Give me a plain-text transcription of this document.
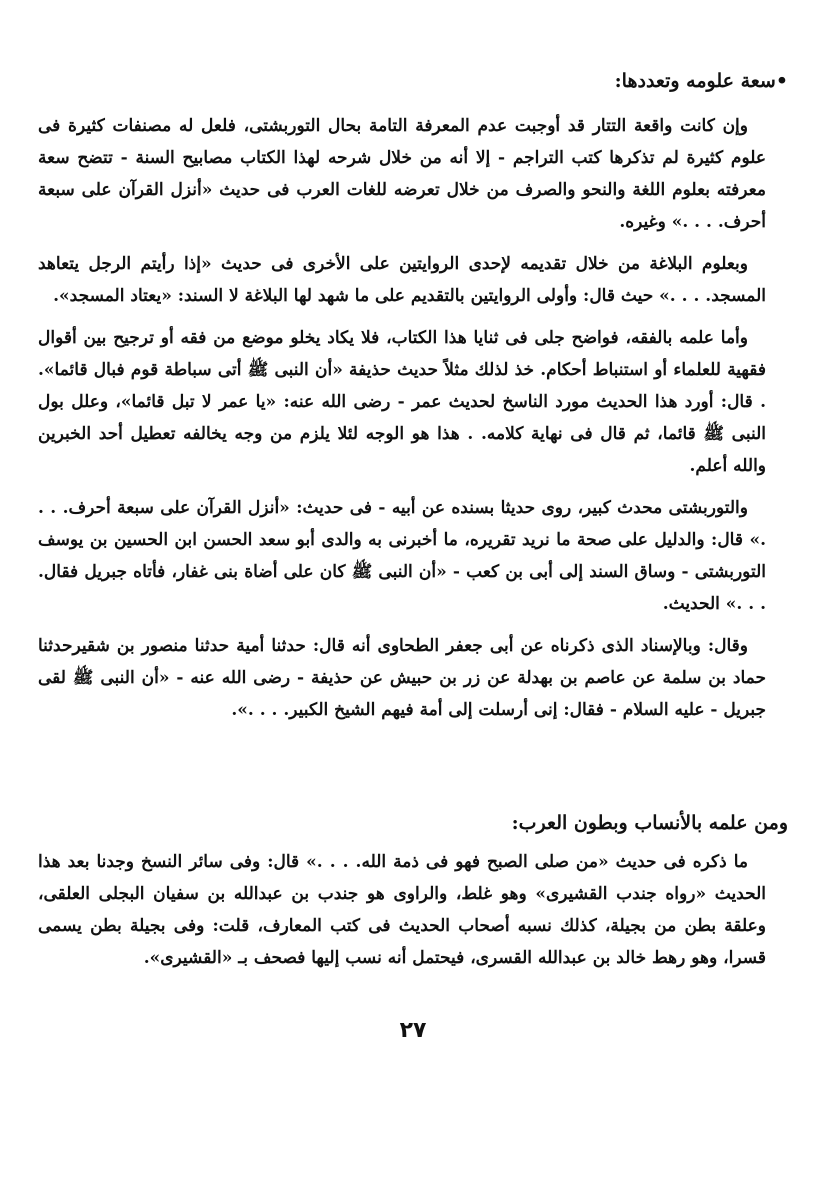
•سعة علومه وتعددها:

وإن كانت واقعة التتار قد أوجبت عدم المعرفة التامة بحال التوربشتى، فلعل له مصنفات كثيرة فى علوم كثيرة لم تذكرها كتب التراجم - إلا أنه من خلال شرحه لهذا الكتاب مصابيح السنة - تتضح سعة معرفته بعلوم اللغة والنحو والصرف من خلال تعرضه للغات العرب فى حديث «أنزل القرآن على سبعة أحرف. . . .» وغيره.

وبعلوم البلاغة من خلال تقديمه لإحدى الروايتين على الأخرى فى حديث «إذا رأيتم الرجل يتعاهد المسجد. . . .» حيث قال: وأولى الروايتين بالتقديم على ما شهد لها البلاغة لا السند: «يعتاد المسجد».

وأما علمه بالفقه، فواضح جلى فى ثنايا هذا الكتاب، فلا يكاد يخلو موضع من فقه أو ترجيح بين أقوال فقهية للعلماء أو استنباط أحكام. خذ لذلك مثلاً حديث حذيفة «أن النبى ﷺ أتى سباطة قوم فبال قائما». . قال: أورد هذا الحديث مورد الناسخ لحديث عمر - رضى الله عنه: «يا عمر لا تبل قائما»، وعلل بول النبى ﷺ قائما، ثم قال فى نهاية كلامه. . هذا هو الوجه لئلا يلزم من وجه يخالفه تعطيل أحد الخبرين والله أعلم.

والتوربشتى محدث كبير، روى حديثا بسنده عن أبيه - فى حديث: «أنزل القرآن على سبعة أحرف. . . .» قال: والدليل على صحة ما نريد تقريره، ما أخبرنى به والدى أبو سعد الحسن ابن الحسين بن يوسف التوربشتى - وساق السند إلى أبى بن كعب - «أن النبى ﷺ كان على أضاة بنى غفار، فأتاه جبريل فقال. . . .» الحديث.

وقال: وبالإسناد الذى ذكرناه عن أبى جعفر الطحاوى أنه قال: حدثنا أمية حدثنا منصور بن شقيرحدثنا حماد بن سلمة عن عاصم بن بهدلة عن زر بن حبيش عن حذيفة - رضى الله عنه - «أن النبى ﷺ لقى جبريل - عليه السلام - فقال: إنى أرسلت إلى أمة فيهم الشيخ الكبير. . . .».

ومن علمه بالأنساب وبطون العرب:

ما ذكره فى حديث «من صلى الصبح فهو فى ذمة الله. . . .» قال: وفى سائر النسخ وجدنا بعد هذا الحديث «رواه جندب القشيرى» وهو غلط، والراوى هو جندب بن عبدالله بن سفيان البجلى العلقى، وعلقة بطن من بجيلة، كذلك نسبه أصحاب الحديث فى كتب المعارف، قلت: وفى بجيلة بطن يسمى قسرا، وهو رهط خالد بن عبدالله القسرى، فيحتمل أنه نسب إليها فصحف بـ «القشيرى».

٢٧
